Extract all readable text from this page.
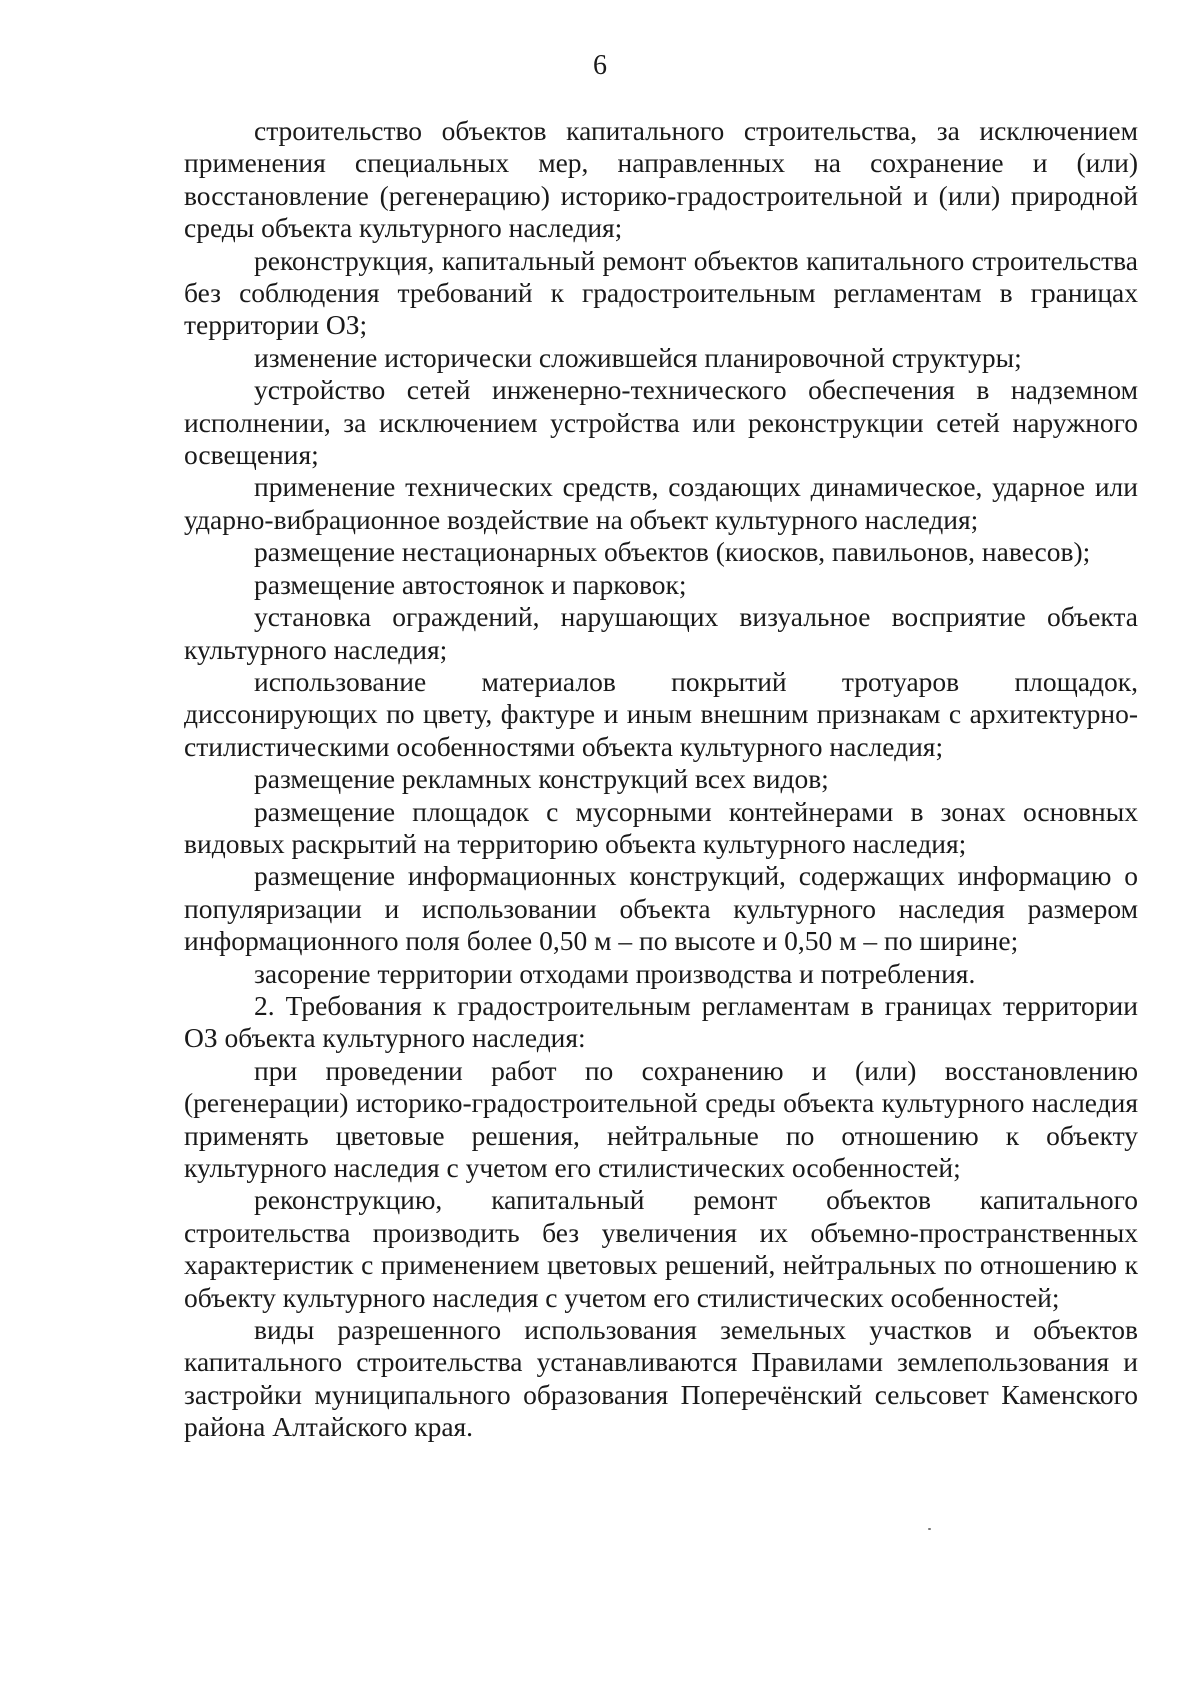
6

строительство объектов капитального строительства, за исключением применения специальных мер, направленных на сохранение и (или) восстановление (регенерацию) историко-градостроительной и (или) природной среды объекта культурного наследия;

реконструкция, капитальный ремонт объектов капитального строительства без соблюдения требований к градостроительным регламентам в границах территории ОЗ;

изменение исторически сложившейся планировочной структуры;

устройство сетей инженерно-технического обеспечения в надземном исполнении, за исключением устройства или реконструкции сетей наружного освещения;

применение технических средств, создающих динамическое, ударное или ударно-вибрационное воздействие на объект культурного наследия;

размещение нестационарных объектов (киосков, павильонов, навесов);

размещение автостоянок и парковок;

установка ограждений, нарушающих визуальное восприятие объекта культурного наследия;

использование материалов покрытий тротуаров площадок, диссонирующих по цвету, фактуре и иным внешним признакам с архитектурно-стилистическими особенностями объекта культурного наследия;

размещение рекламных конструкций всех видов;

размещение площадок с мусорными контейнерами в зонах основных видовых раскрытий на территорию объекта культурного наследия;

размещение информационных конструкций, содержащих информацию о популяризации и использовании объекта культурного наследия размером информационного поля более 0,50 м – по высоте и 0,50 м – по ширине;

засорение территории отходами производства и потребления.

2. Требования к градостроительным регламентам в границах территории ОЗ объекта культурного наследия:

при проведении работ по сохранению и (или) восстановлению (регенерации) историко-градостроительной среды объекта культурного наследия применять цветовые решения, нейтральные по отношению к объекту культурного наследия с учетом его стилистических особенностей;

реконструкцию, капитальный ремонт объектов капитального строительства производить без увеличения их объемно-пространственных характеристик с применением цветовых решений, нейтральных по отношению к объекту культурного наследия с учетом его стилистических особенностей;

виды разрешенного использования земельных участков и объектов капитального строительства устанавливаются Правилами землепользования и застройки муниципального образования Поперечёнский сельсовет Каменского района Алтайского края.
